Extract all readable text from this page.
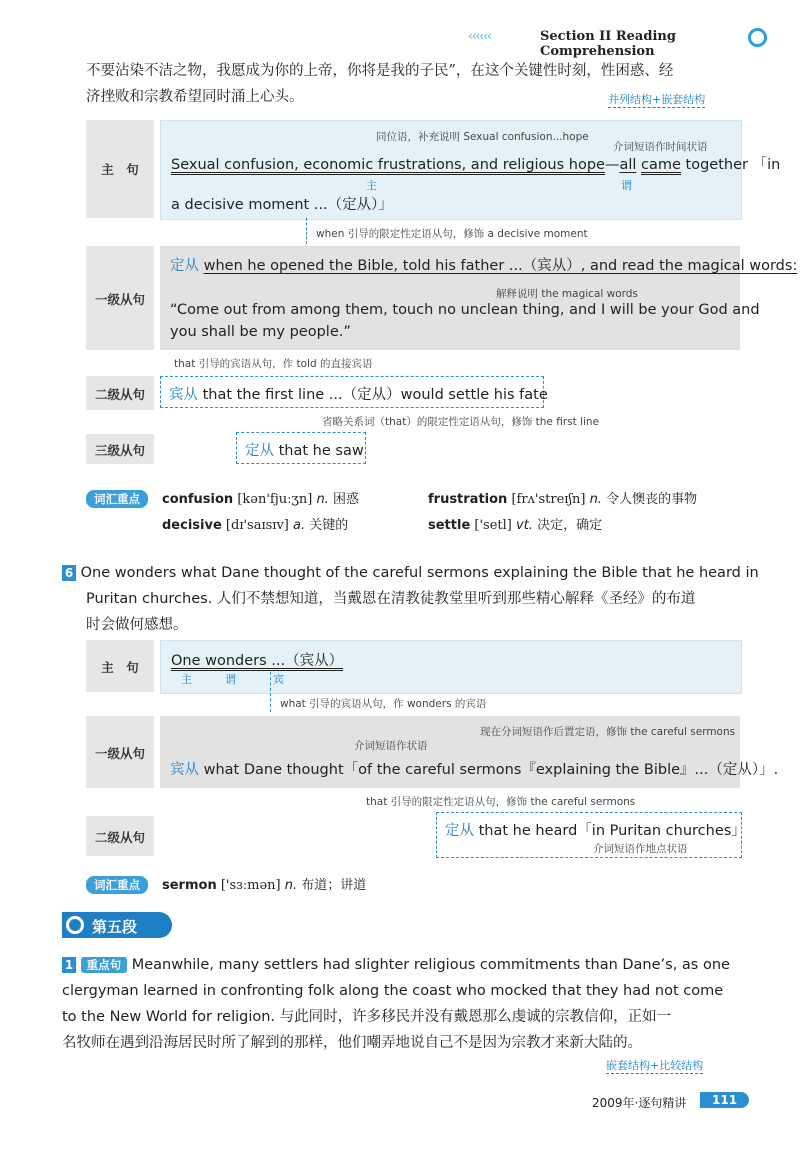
‹‹‹‹‹‹	Section II Reading Comprehension
不要沾染不洁之物，我愿成为你的上帝，你将是我的子民”，在这个关键性时刻，性困惑、经
济挫败和宗教希望同时涌上心头。	并列结构+嵌套结构
主　句
同位语，补充说明 Sexual confusion...hope
介词短语作时间状语
Sexual confusion, economic frustrations, and religious hope—all came together 「in
主	谓
a decisive moment ...（定从）」
when 引导的限定性定语从句，修饰 a decisive moment
一级从句
定从 when he opened the Bible, told his father ...（宾从）, and read the magical words:
解释说明 the magical words
“Come out from among them, touch no unclean thing, and I will be your God and
you shall be my people.”
that 引导的宾语从句，作 told 的直接宾语
二级从句	宾从 that the first line ...（定从）would settle his fate
省略关系词（that）的限定性定语从句，修饰 the first line
三级从句	定从 that he saw
词汇重点	confusion [kən'fjuːʒn] n. 困惑	frustration [frʌ'streɪʃn] n. 令人懊丧的事物
decisive [dɪ'saɪsɪv] a. 关键的	settle ['setl] vt. 决定，确定
6 One wonders what Dane thought of the careful sermons explaining the Bible that he heard in
Puritan churches. 人们不禁想知道，当戴恩在清教徒教堂里听到那些精心解释《圣经》的布道
时会做何感想。
主　句	One wonders ...（宾从）
主	谓	宾
what 引导的宾语从句，作 wonders 的宾语
一级从句	介词短语作状语
现在分词短语作后置定语，修饰 the careful sermons
宾从 what Dane thought「of the careful sermons『explaining the Bible』...（定从）」.
that 引导的限定性定语从句，修饰 the careful sermons
二级从句	定从 that he heard「in Puritan churches」
介词短语作地点状语
词汇重点	sermon ['sɜːmən] n. 布道；讲道
第五段
1 重点句 Meanwhile, many settlers had slighter religious commitments than Dane’s, as one
clergyman learned in confronting folk along the coast who mocked that they had not come
to the New World for religion. 与此同时，许多移民并没有戴恩那么虔诚的宗教信仰，正如一
名牧师在遇到沿海居民时所了解到的那样，他们嘲弄地说自己不是因为宗教才来新大陆的。
嵌套结构+比较结构
2009年·逐句精讲	111
